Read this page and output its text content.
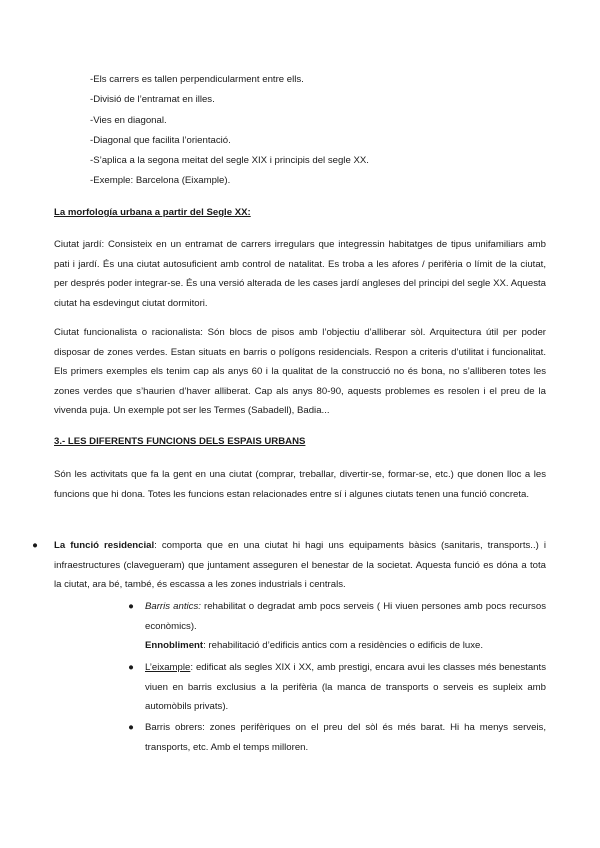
-Els carrers es tallen perpendicularment entre ells.
-Divisió de l’entramat en illes.
-Vies en diagonal.
-Diagonal que facilita l’orientació.
-S’aplica a la segona meitat del segle XIX i principis del segle XX.
-Exemple: Barcelona (Eixample).
La morfología urbana a partir del Segle XX:
Ciutat jardí: Consisteix en un entramat de carrers irregulars que integressin habitatges de tipus unifamiliars amb pati i jardí. És una ciutat autosuficient amb control de natalitat. Es troba a les afores / perifèria o límit de la ciutat, per després poder integrar-se. És una versió alterada de les cases jardí angleses del principi del segle XX. Aquesta ciutat ha esdevingut ciutat dormitori.
Ciutat funcionalista o racionalista: Són blocs de pisos amb l’objectiu d’alliberar sòl. Arquitectura útil per poder disposar de zones verdes. Estan situats en barris o polígons residencials. Respon a criteris d’utilitat i funcionalitat. Els primers exemples els tenim cap als anys 60 i la qualitat de la construcció no és bona, no s’alliberen totes les zones verdes que s’haurien d’haver alliberat. Cap als anys 80-90, aquests problemes es resolen i el preu de la vivenda puja. Un exemple pot ser les Termes (Sabadell), Badia...
3.- LES DIFERENTS FUNCIONS DELS ESPAIS URBANS
Són les activitats que fa la gent en una ciutat (comprar, treballar, divertir-se, formar-se, etc.) que donen lloc a les funcions que hi dona. Totes les funcions estan relacionades entre sí i algunes ciutats tenen una funció concreta.
● La funció residencial: comporta que en una ciutat hi hagi uns equipaments bàsics (sanitaris, transports..) i infraestructures (clavegueram) que juntament asseguren el benestar de la societat. Aquesta funció es dóna a tota la ciutat, ara bé, també, és escassa a les zones industrials i centrals.
● Barris antics: rehabilitat o degradat amb pocs serveis ( Hi viuen persones amb pocs recursos econòmics).
Ennobliment: rehabilitació d’edificis antics com a residències o edificis de luxe.
● L’eixample: edificat als segles XIX i XX, amb prestigi, encara avui les classes més benestants viuen en barris exclusius a la perifèria (la manca de transports o serveis es supleix amb automòbils privats).
● Barris obrers: zones perifèriques on el preu del sòl és més barat. Hi ha menys serveis, transports, etc. Amb el temps milloren.
